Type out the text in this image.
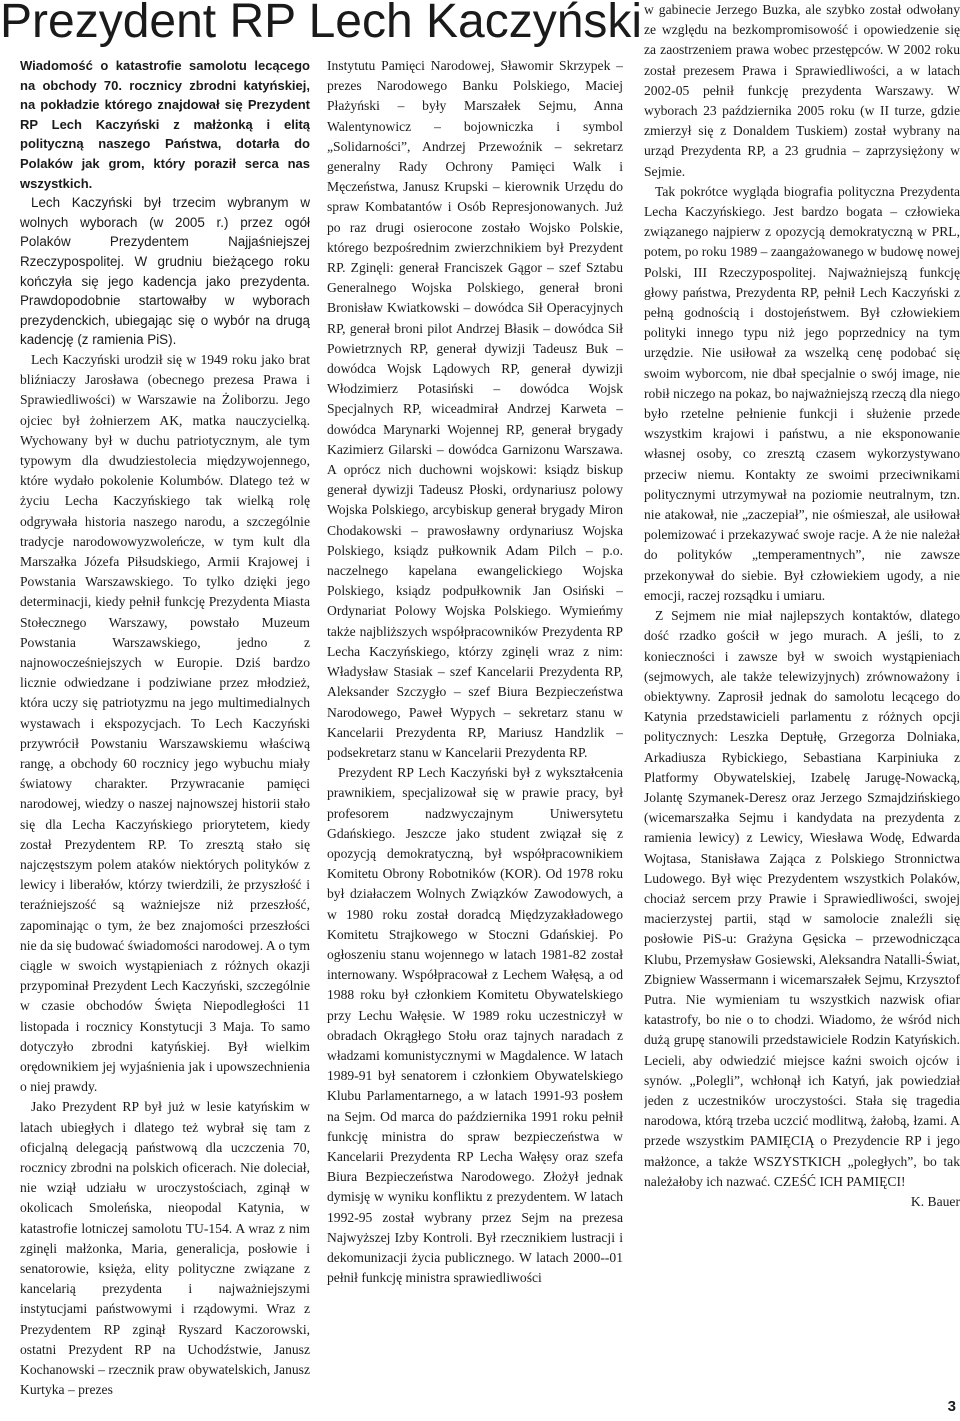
Prezydent RP Lech Kaczyński

Wiadomość o katastrofie samolotu lecącego na obchody 70. rocznicy zbrodni katyńskiej, na pokładzie którego znajdował się Prezydent RP Lech Kaczyński z małżonką i elitą polityczną naszego Państwa, dotarła do Polaków jak grom, który poraził serca nas wszystkich.

Lech Kaczyński był trzecim wybranym w wolnych wyborach (w 2005 r.) przez ogół Polaków Prezydentem Najjaśniejszej Rzeczypospolitej. W grudniu bieżącego roku kończyła się jego kadencja jako prezydenta. Prawdopodobnie startowałby w wyborach prezydenckich, ubiegając się o wybór na drugą kadencję (z ramienia PiS).

Lech Kaczyński urodził się w 1949 roku jako brat bliźniaczy Jarosława (obecnego prezesa Prawa i Sprawiedliwości) w Warszawie na Żoliborzu. Jego ojciec był żołnierzem AK, matka nauczycielką. Wychowany był w duchu patriotycznym, ale tym typowym dla dwudziestolecia międzywojennego, które wydało pokolenie Kolumbów. Dlatego też w życiu Lecha Kaczyńskiego tak wielką rolę odgrywała historia naszego narodu, a szczególnie tradycje narodowowyzwoleńcze, w tym kult dla Marszałka Józefa Piłsudskiego, Armii Krajowej i Powstania Warszawskiego. To tylko dzięki jego determinacji, kiedy pełnił funkcję Prezydenta Miasta Stołecznego Warszawy, powstało Muzeum Powstania Warszawskiego, jedno z najnowocześniejszych w Europie. Dziś bardzo licznie odwiedzane i podziwiane przez młodzież, która uczy się patriotyzmu na jego multimedialnych wystawach i ekspozycjach. To Lech Kaczyński przywrócił Powstaniu Warszawskiemu właściwą rangę, a obchody 60 rocznicy jego wybuchu miały światowy charakter. Przywracanie pamięci narodowej, wiedzy o naszej najnowszej historii stało się dla Lecha Kaczyńskiego priorytetem, kiedy został Prezydentem RP. To zresztą stało się najczęstszym polem ataków niektórych polityków z lewicy i liberałów, którzy twierdzili, że przyszłość i teraźniejszość są ważniejsze niż przeszłość, zapominając o tym, że bez znajomości przeszłości nie da się budować świadomości narodowej. A o tym ciągle w swoich wystąpieniach z różnych okazji przypominał Prezydent Lech Kaczyński, szczególnie w czasie obchodów Święta Niepodległości 11 listopada i rocznicy Konstytucji 3 Maja. To samo dotyczyło zbrodni katyńskiej. Był wielkim orędownikiem jej wyjaśnienia jak i upowszechnienia o niej prawdy.

Jako Prezydent RP był już w lesie katyńskim w latach ubiegłych i dlatego też wybrał się tam z oficjalną delegacją państwową dla uczczenia 70, rocznicy zbrodni na polskich oficerach. Nie doleciał, nie wziął udziału w uroczystościach, zginął w okolicach Smoleńska, nieopodal Katynia, w katastrofie lotniczej samolotu TU-154. A wraz z nim zginęli małżonka, Maria, generalicja, posłowie i senatorowie, księża, elity polityczne związane z kancelarią prezydenta i najważniejszymi instytucjami państwowymi i rządowymi. Wraz z Prezydentem RP zginął Ryszard Kaczorowski, ostatni Prezydent RP na Uchodźstwie, Janusz Kochanowski – rzecznik praw obywatelskich, Janusz Kurtyka – prezes

Instytutu Pamięci Narodowej, Sławomir Skrzypek – prezes Narodowego Banku Polskiego, Maciej Płażyński – były Marszałek Sejmu, Anna Walentynowicz – bojowniczka i symbol „Solidarności”, Andrzej Przewoźnik – sekretarz generalny Rady Ochrony Pamięci Walk i Męczeństwa, Janusz Krupski – kierownik Urzędu do spraw Kombatantów i Osób Represjonowanych. Już po raz drugi osierocone zostało Wojsko Polskie, którego bezpośrednim zwierzchnikiem był Prezydent RP. Zginęli: generał Franciszek Gągor – szef Sztabu Generalnego Wojska Polskiego, generał broni Bronisław Kwiatkowski – dowódca Sił Operacyjnych RP, generał broni pilot Andrzej Błasik – dowódca Sił Powietrznych RP, generał dywizji Tadeusz Buk – dowódca Wojsk Lądowych RP, generał dywizji Włodzimierz Potasiński – dowódca Wojsk Specjalnych RP, wiceadmirał Andrzej Karweta – dowódca Marynarki Wojennej RP, generał brygady Kazimierz Gilarski – dowódca Garnizonu Warszawa. A oprócz nich duchowni wojskowi: ksiądz biskup generał dywizji Tadeusz Płoski, ordynariusz polowy Wojska Polskiego, arcybiskup generał brygady Miron Chodakowski – prawosławny ordynariusz Wojska Polskiego, ksiądz pułkownik Adam Pilch – p.o. naczelnego kapelana ewangelickiego Wojska Polskiego, ksiądz podpułkownik Jan Osiński – Ordynariat Polowy Wojska Polskiego. Wymieńmy także najbliższych współpracowników Prezydenta RP Lecha Kaczyńskiego, którzy zginęli wraz z nim: Władysław Stasiak – szef Kancelarii Prezydenta RP, Aleksander Szczygło – szef Biura Bezpieczeństwa Narodowego, Paweł Wypych – sekretarz stanu w Kancelarii Prezydenta RP, Mariusz Handzlik – podsekretarz stanu w Kancelarii Prezydenta RP.

Prezydent RP Lech Kaczyński był z wykształcenia prawnikiem, specjalizował się w prawie pracy, był profesorem nadzwyczajnym Uniwersytetu Gdańskiego. Jeszcze jako student związał się z opozycją demokratyczną, był współpracownikiem Komitetu Obrony Robotników (KOR). Od 1978 roku był działaczem Wolnych Związków Zawodowych, a w 1980 roku został doradcą Międzyzakładowego Komitetu Strajkowego w Stoczni Gdańskiej. Po ogłoszeniu stanu wojennego w latach 1981-82 został internowany. Współpracował z Lechem Wałęsą, a od 1988 roku był członkiem Komitetu Obywatelskiego przy Lechu Wałęsie. W 1989 roku uczestniczył w obradach Okrągłego Stołu oraz tajnych naradach z władzami komunistycznymi w Magdalence. W latach 1989-91 był senatorem i członkiem Obywatelskiego Klubu Parlamentarnego, a w latach 1991-93 posłem na Sejm. Od marca do października 1991 roku pełnił funkcję ministra do spraw bezpieczeństwa w Kancelarii Prezydenta RP Lecha Wałęsy oraz szefa Biura Bezpieczeństwa Narodowego. Złożył jednak dymisję w wyniku konfliktu z prezydentem. W latach 1992-95 został wybrany przez Sejm na prezesa Najwyższej Izby Kontroli. Był rzecznikiem lustracji i dekomunizacji życia publicznego. W latach 2000--01 pełnił funkcję ministra sprawiedliwości

w gabinecie Jerzego Buzka, ale szybko został odwołany ze względu na bezkompromisowość i opowiedzenie się za zaostrzeniem prawa wobec przestępców. W 2002 roku został prezesem Prawa i Sprawiedliwości, a w latach 2002-05 pełnił funkcję prezydenta Warszawy. W wyborach 23 października 2005 roku (w II turze, gdzie zmierzył się z Donaldem Tuskiem) został wybrany na urząd Prezydenta RP, a 23 grudnia – zaprzysiężony w Sejmie.

Tak pokrótce wygląda biografia polityczna Prezydenta Lecha Kaczyńskiego. Jest bardzo bogata – człowieka związanego najpierw z opozycją demokratyczną w PRL, potem, po roku 1989 – zaangażowanego w budowę nowej Polski, III Rzeczypospolitej. Najważniejszą funkcję głowy państwa, Prezydenta RP, pełnił Lech Kaczyński z pełną godnością i dostojeństwem. Był człowiekiem polityki innego typu niż jego poprzednicy na tym urzędzie. Nie usiłował za wszelką cenę podobać się swoim wyborcom, nie dbał specjalnie o swój image, nie robił niczego na pokaz, bo najważniejszą rzeczą dla niego było rzetelne pełnienie funkcji i służenie przede wszystkim krajowi i państwu, a nie eksponowanie własnej osoby, co zresztą czasem wykorzystywano przeciw niemu. Kontakty ze swoimi przeciwnikami politycznymi utrzymywał na poziomie neutralnym, tzn. nie atakował, nie „zaczepiał”, nie ośmieszał, ale usiłował polemizować i przekazywać swoje racje. A że nie należał do polityków „temperamentnych”, nie zawsze przekonywał do siebie. Był człowiekiem ugody, a nie emocji, raczej rozsądku i umiaru.

Z Sejmem nie miał najlepszych kontaktów, dlatego dość rzadko gościł w jego murach. A jeśli, to z konieczności i zawsze był w swoich wystąpieniach (sejmowych, ale także telewizyjnych) zrównoważony i obiektywny. Zaprosił jednak do samolotu lecącego do Katynia przedstawicieli parlamentu z różnych opcji politycznych: Leszka Deptułę, Grzegorza Dolniaka, Arkadiusza Rybickiego, Sebastiana Karpiniuka z Platformy Obywatelskiej, Izabelę Jarugę-Nowacką, Jolantę Szymanek-Deresz oraz Jerzego Szmajdzińskiego (wicemarszałka Sejmu i kandydata na prezydenta z ramienia lewicy) z Lewicy, Wiesława Wodę, Edwarda Wojtasa, Stanisława Zająca z Polskiego Stronnictwa Ludowego. Był więc Prezydentem wszystkich Polaków, chociaż sercem przy Prawie i Sprawiedliwości, swojej macierzystej partii, stąd w samolocie znaleźli się posłowie PiS-u: Grażyna Gęsicka – przewodnicząca Klubu, Przemysław Gosiewski, Aleksandra Natalli-Świat, Zbigniew Wassermann i wicemarszałek Sejmu, Krzysztof Putra. Nie wymieniam tu wszystkich nazwisk ofiar katastrofy, bo nie o to chodzi. Wiadomo, że wśród nich dużą grupę stanowili przedstawiciele Rodzin Katyńskich. Lecieli, aby odwiedzić miejsce kaźni swoich ojców i synów. „Polegli”, wchłonął ich Katyń, jak powiedział jeden z uczestników uroczystości. Stała się tragedia narodowa, którą trzeba uczcić modlitwą, żałobą, łzami. A przede wszystkim PAMIĘCIĄ o Prezydencie RP i jego małżonce, a także WSZYSTKICH „poległych”, bo tak należałoby ich nazwać. CZEŚĆ ICH PAMIĘCI!

K. Bauer

3
